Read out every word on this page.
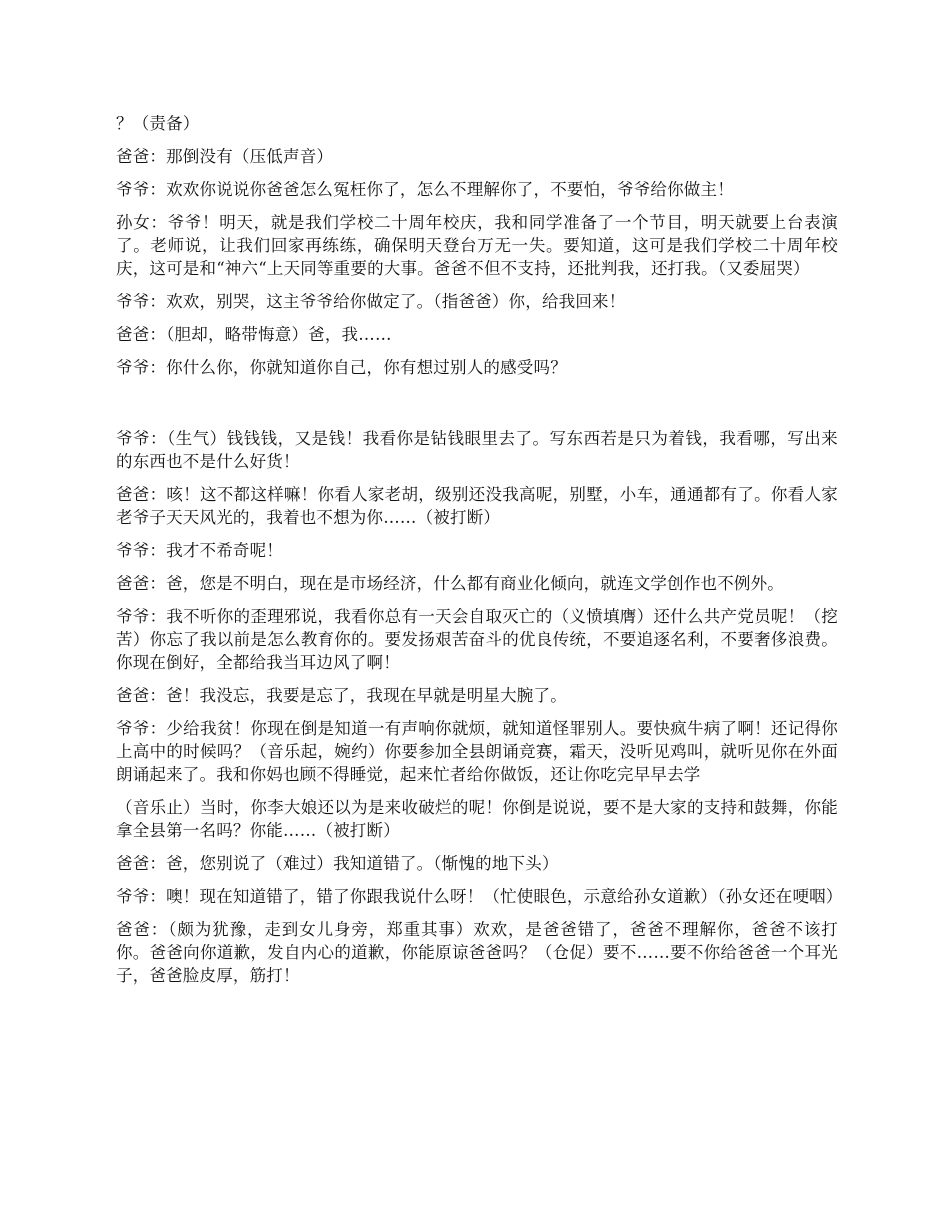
？（责备）

爸爸：那倒没有（压低声音）

爷爷：欢欢你说说你爸爸怎么冤枉你了，怎么不理解你了，不要怕，爷爷给你做主！

孙女：爷爷！明天，就是我们学校二十周年校庆，我和同学准备了一个节目，明天就要上台表演了。老师说，让我们回家再练练，确保明天登台万无一失。要知道，这可是我们学校二十周年校庆，这可是和“神六“上天同等重要的大事。爸爸不但不支持，还批判我，还打我。（又委屈哭）

爷爷：欢欢，别哭，这主爷爷给你做定了。（指爸爸）你，给我回来！

爸爸：（胆却，略带悔意）爸，我……

爷爷：你什么你，你就知道你自己，你有想过别人的感受吗？

爷爷：（生气）钱钱钱，又是钱！我看你是钻钱眼里去了。写东西若是只为着钱，我看哪，写出来的东西也不是什么好货！

爸爸：咳！这不都这样嘛！你看人家老胡，级别还没我高呢，别墅，小车，通通都有了。你看人家老爷子天天风光的，我着也不想为你……（被打断）

爷爷：我才不希奇呢！

爸爸：爸，您是不明白，现在是市场经济，什么都有商业化倾向，就连文学创作也不例外。

爷爷：我不听你的歪理邪说，我看你总有一天会自取灭亡的（义愤填膺）还什么共产党员呢！（挖苦）你忘了我以前是怎么教育你的。要发扬艰苦奋斗的优良传统，不要追逐名利，不要奢侈浪费。你现在倒好，全都给我当耳边风了啊！

爸爸：爸！我没忘，我要是忘了，我现在早就是明星大腕了。

爷爷：少给我贫！你现在倒是知道一有声响你就烦，就知道怪罪别人。要快疯牛病了啊！还记得你上高中的时候吗？（音乐起，婉约）你要参加全县朗诵竞赛，霜天，没听见鸡叫，就听见你在外面朗诵起来了。我和你妈也顾不得睡觉，起来忙者给你做饭，还让你吃完早早去学

（音乐止）当时，你李大娘还以为是来收破烂的呢！你倒是说说，要不是大家的支持和鼓舞，你能拿全县第一名吗？你能……（被打断）

爸爸：爸，您别说了（难过）我知道错了。（惭愧的地下头）

爷爷：噢！现在知道错了，错了你跟我说什么呀！（忙使眼色，示意给孙女道歉）（孙女还在哽咽）

爸爸：（颇为犹豫，走到女儿身旁，郑重其事）欢欢，是爸爸错了，爸爸不理解你，爸爸不该打你。爸爸向你道歉，发自内心的道歉，你能原谅爸爸吗？（仓促）要不……要不你给爸爸一个耳光子，爸爸脸皮厚，筋打！
